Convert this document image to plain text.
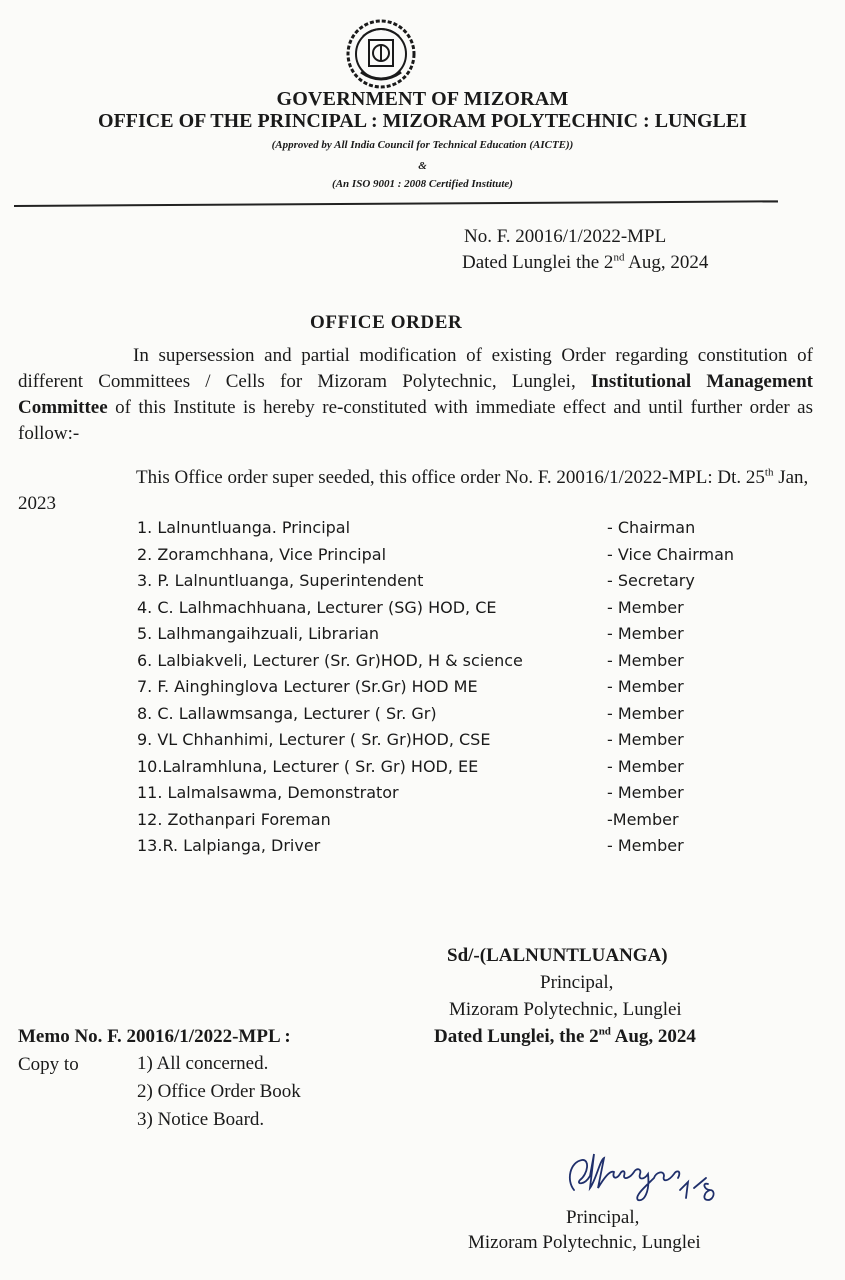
GOVERNMENT OF MIZORAM
OFFICE OF THE PRINCIPAL : MIZORAM POLYTECHNIC : LUNGLEI
(Approved by All India Council for Technical Education (AICTE))
&
(An ISO 9001 : 2008 Certified Institute)
No. F. 20016/1/2022-MPL
Dated Lunglei the 2nd Aug, 2024
OFFICE ORDER
In supersession and partial modification of existing Order regarding constitution of different Committees / Cells for Mizoram Polytechnic, Lunglei, Institutional Management Committee of this Institute is hereby re-constituted with immediate effect and until further order as follow:-
This Office order super seeded, this office order No. F. 20016/1/2022-MPL: Dt. 25th Jan, 2023
1. Lalnuntluanga. Principal	- Chairman
2. Zoramchhana, Vice Principal	- Vice Chairman
3. P. Lalnuntluanga, Superintendent	- Secretary
4. C. Lalhmachhuana, Lecturer (SG) HOD, CE	- Member
5. Lalhmangaihzuali, Librarian	- Member
6. Lalbiakveli, Lecturer (Sr. Gr)HOD, H & science	- Member
7. F. Ainghinglova Lecturer (Sr.Gr) HOD ME	- Member
8. C. Lallawmsanga, Lecturer ( Sr. Gr)	- Member
9. VL Chhanhimi, Lecturer ( Sr. Gr)HOD, CSE	- Member
10.Lalramhluna, Lecturer ( Sr. Gr) HOD, EE	- Member
11. Lalmalsawma, Demonstrator	- Member
12. Zothanpari Foreman	-Member
13.R. Lalpianga, Driver	- Member
Sd/-(LALNUNTLUANGA)
Principal,
Mizoram Polytechnic, Lunglei
Memo No. F. 20016/1/2022-MPL :	Dated Lunglei, the 2nd Aug, 2024
Copy to	1) All concerned.
2) Office Order Book
3) Notice Board.
Principal,
Mizoram Polytechnic, Lunglei
